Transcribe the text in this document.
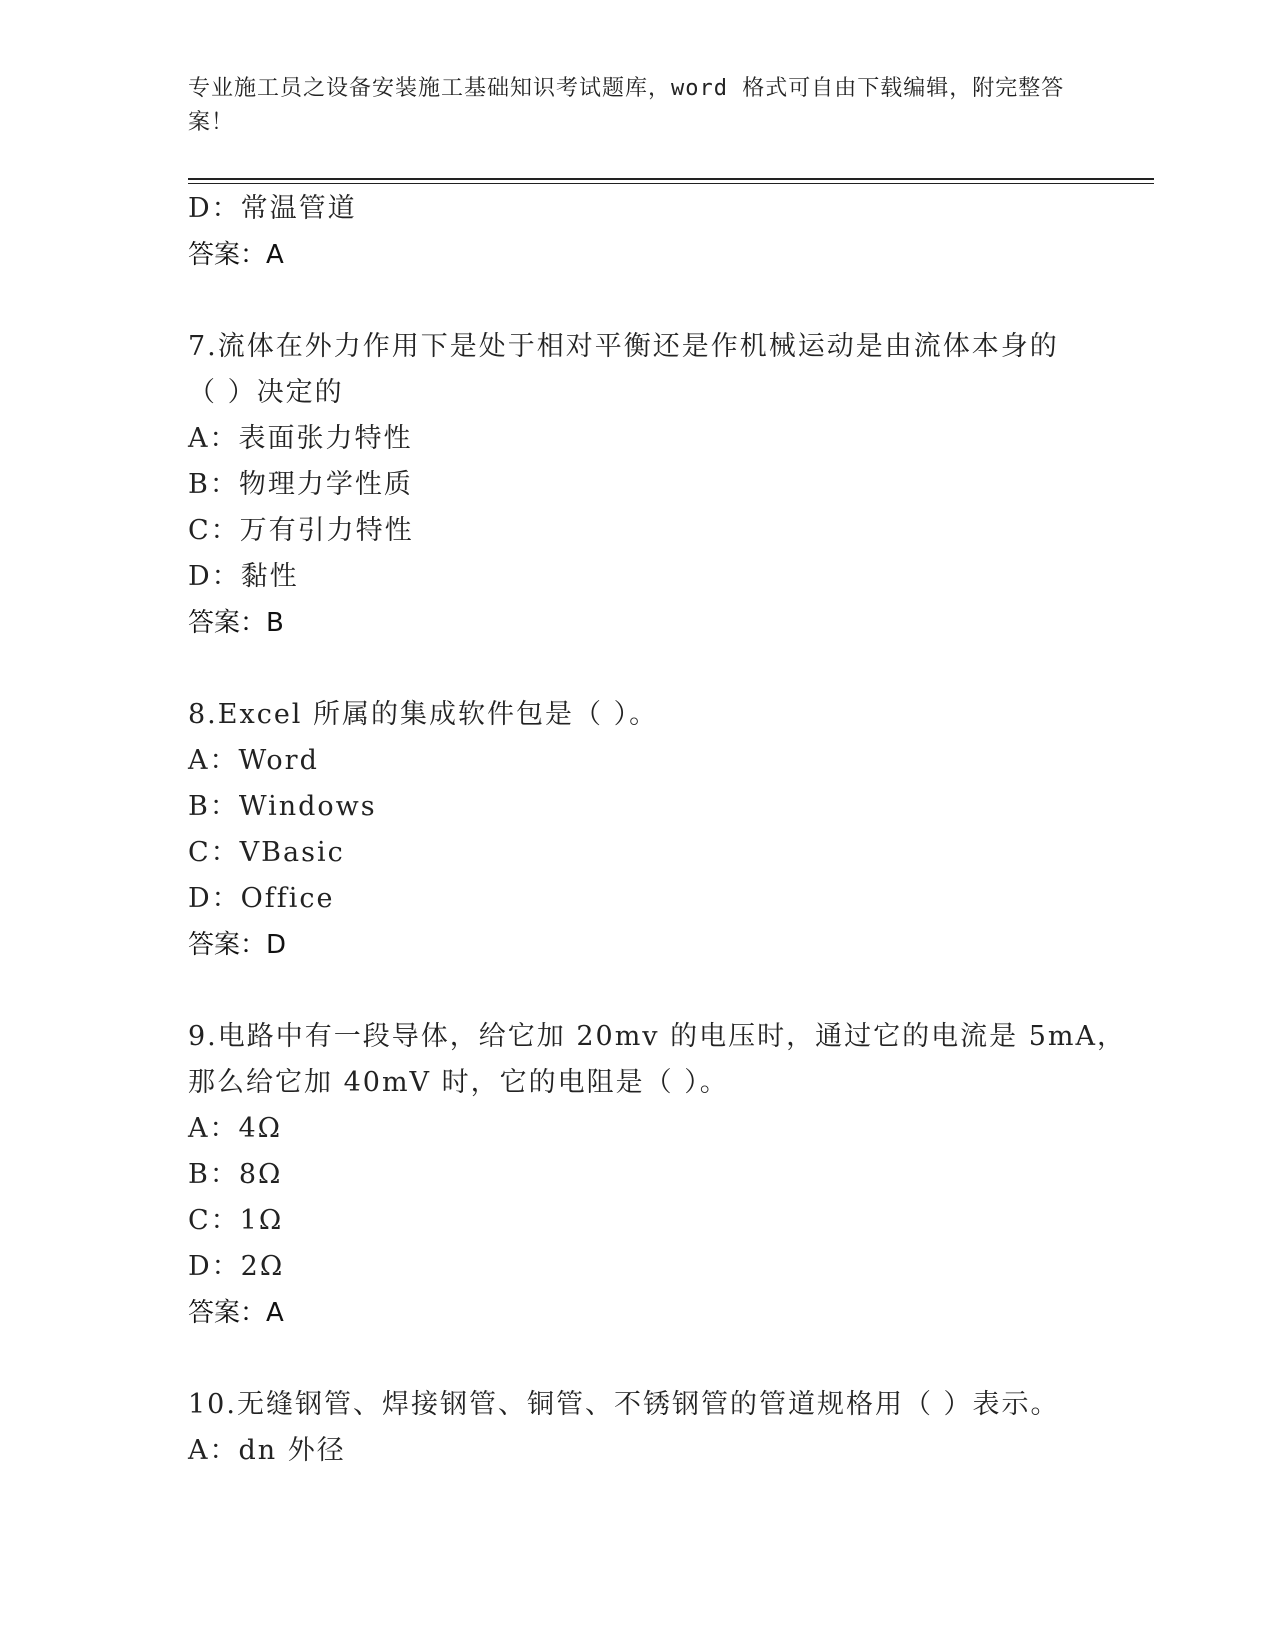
专业施工员之设备安装施工基础知识考试题库，word 格式可自由下载编辑，附完整答案！
D：常温管道
答案：A
7.流体在外力作用下是处于相对平衡还是作机械运动是由流体本身的
（ ）决定的
A：表面张力特性
B：物理力学性质
C：万有引力特性
D：黏性
答案：B
8.Excel 所属的集成软件包是（ ）。
A：Word
B：Windows
C：VBasic
D：Office
答案：D
9.电路中有一段导体，给它加 20mv 的电压时，通过它的电流是 5mA，
那么给它加 40mV 时，它的电阻是（ ）。
A：4Ω
B：8Ω
C：1Ω
D：2Ω
答案：A
10.无缝钢管、焊接钢管、铜管、不锈钢管的管道规格用（ ）表示。
A：dn 外径
